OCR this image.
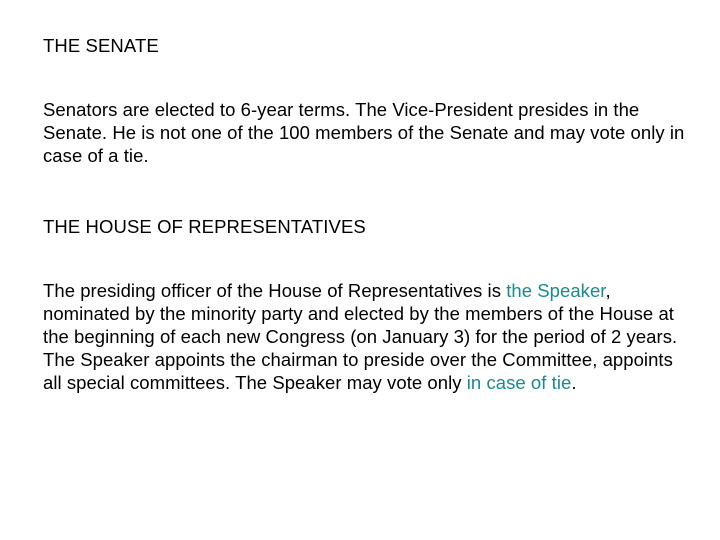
THE SENATE

Senators are elected to 6-year terms. The Vice-President presides in the Senate. He is not one of the 100 members of the Senate and may vote only in case of a tie.

THE HOUSE OF REPRESENTATIVES

The presiding officer of the House of Representatives is the Speaker, nominated by the minority party and elected by the members of the House at the beginning of each new Congress (on January 3) for the period of 2 years. The Speaker appoints the chairman to preside over the Committee, appoints all special committees. The Speaker may vote only in case of tie.
